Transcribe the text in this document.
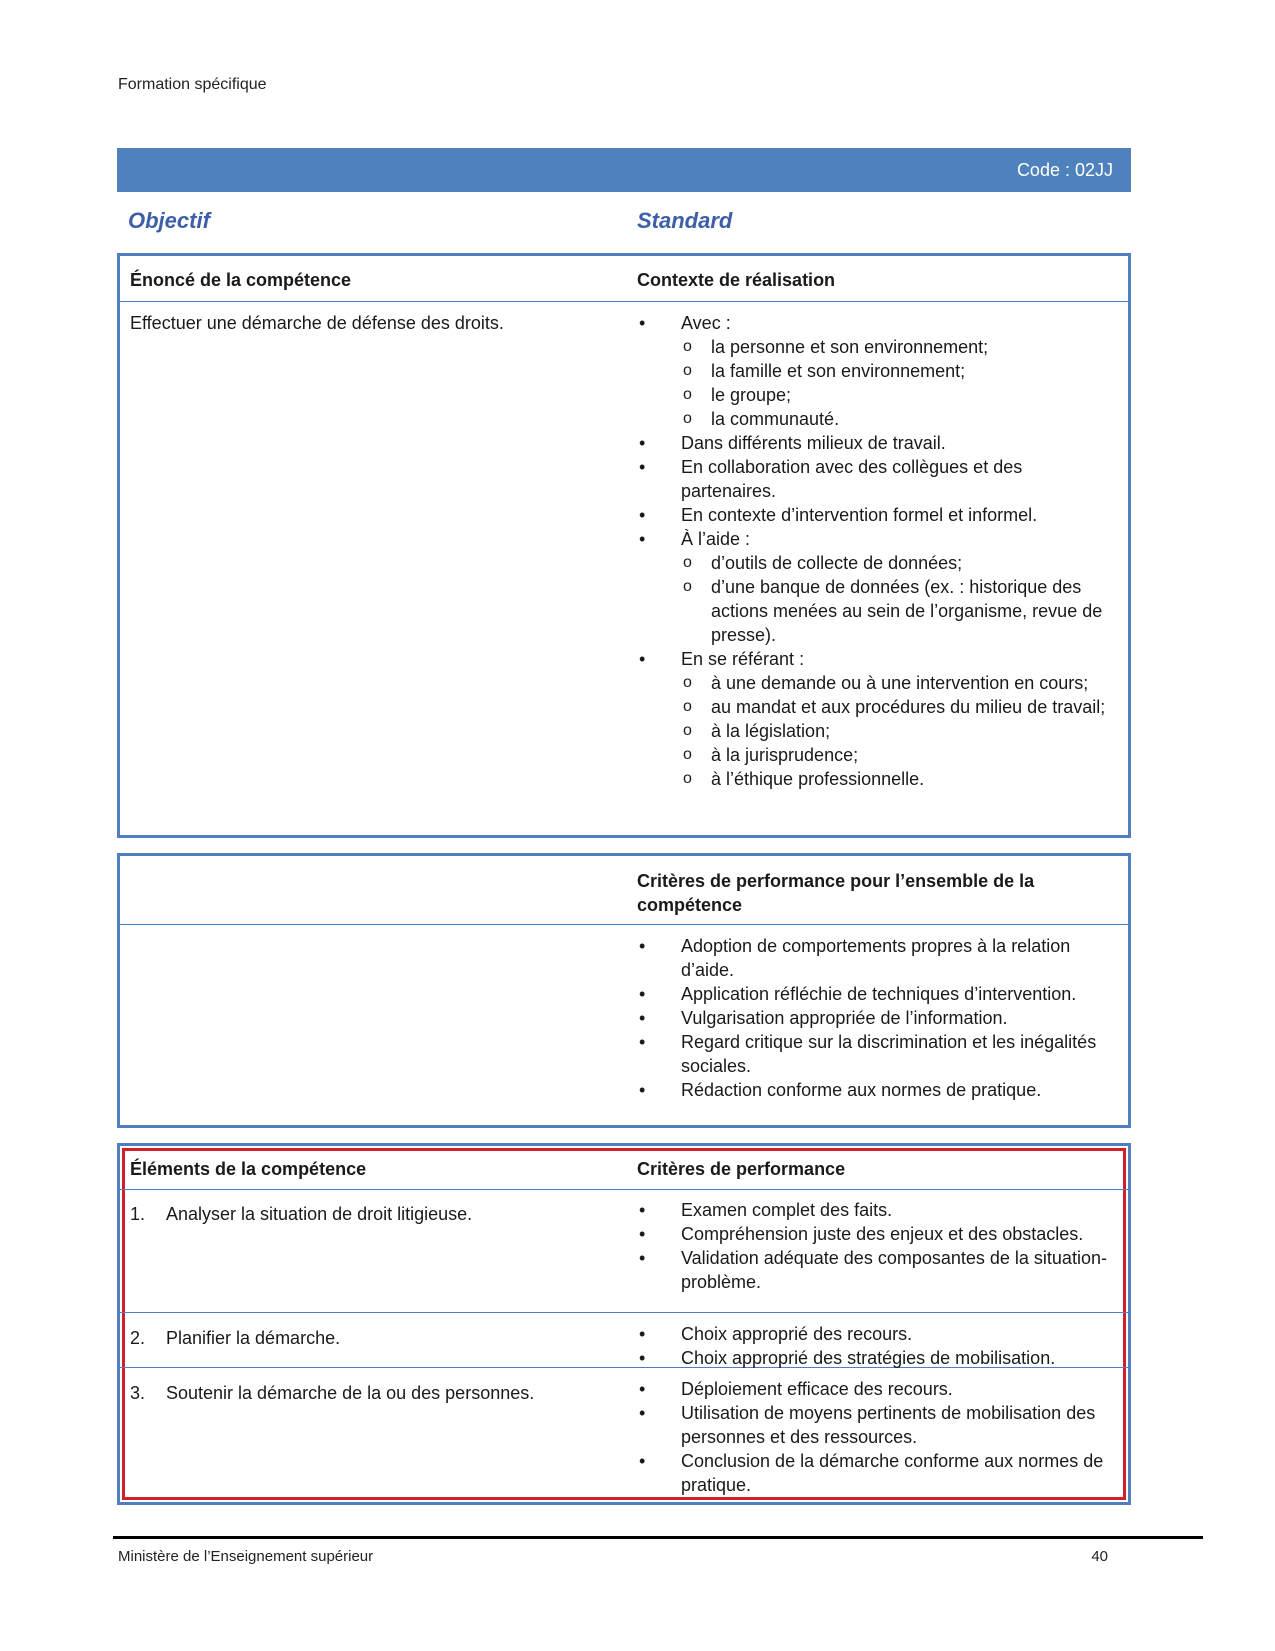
Formation spécifique
Code : 02JJ
Objectif	Standard
Énoncé de la compétence	Contexte de réalisation
Effectuer une démarche de défense des droits.	• Avec :
o la personne et son environnement;
o la famille et son environnement;
o le groupe;
o la communauté.
• Dans différents milieux de travail.
• En collaboration avec des collègues et des partenaires.
• En contexte d’intervention formel et informel.
• À l’aide :
o d’outils de collecte de données;
o d’une banque de données (ex. : historique des actions menées au sein de l’organisme, revue de presse).
• En se référant :
o à une demande ou à une intervention en cours;
o au mandat et aux procédures du milieu de travail;
o à la législation;
o à la jurisprudence;
o à l’éthique professionnelle.
Critères de performance pour l’ensemble de la compétence
• Adoption de comportements propres à la relation d’aide.
• Application réfléchie de techniques d’intervention.
• Vulgarisation appropriée de l’information.
• Regard critique sur la discrimination et les inégalités sociales.
• Rédaction conforme aux normes de pratique.
Éléments de la compétence	Critères de performance
1. Analyser la situation de droit litigieuse.	• Examen complet des faits.
• Compréhension juste des enjeux et des obstacles.
• Validation adéquate des composantes de la situation-problème.
2. Planifier la démarche.	• Choix approprié des recours.
• Choix approprié des stratégies de mobilisation.
3. Soutenir la démarche de la ou des personnes.	• Déploiement efficace des recours.
• Utilisation de moyens pertinents de mobilisation des personnes et des ressources.
• Conclusion de la démarche conforme aux normes de pratique.
Ministère de l’Enseignement supérieur	40
